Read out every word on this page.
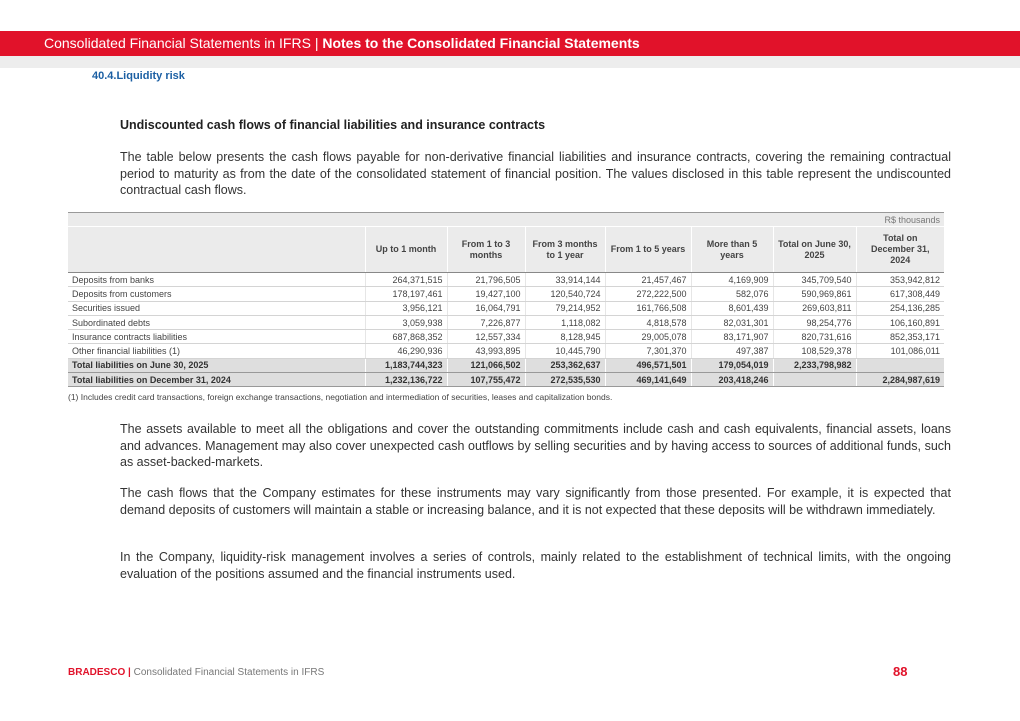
Consolidated Financial Statements in IFRS | Notes to the Consolidated Financial Statements
40.4.Liquidity risk
Undiscounted cash flows of financial liabilities and insurance contracts

The table below presents the cash flows payable for non-derivative financial liabilities and insurance contracts, covering the remaining contractual period to maturity as from the date of the consolidated statement of financial position. The values disclosed in this table represent the undiscounted contractual cash flows.

R$ thousands							
	Up to 1 month	From 1 to 3 months	From 3 months to 1 year	From 1 to 5 years	More than 5 years	Total on June 30, 2025	Total on December 31, 2024
Deposits from banks	264,371,515	21,796,505	33,914,144	21,457,467	4,169,909	345,709,540	353,942,812
Deposits from customers	178,197,461	19,427,100	120,540,724	272,222,500	582,076	590,969,861	617,308,449
Securities issued	3,956,121	16,064,791	79,214,952	161,766,508	8,601,439	269,603,811	254,136,285
Subordinated debts	3,059,938	7,226,877	1,118,082	4,818,578	82,031,301	98,254,776	106,160,891
Insurance contracts liabilities	687,868,352	12,557,334	8,128,945	29,005,078	83,171,907	820,731,616	852,353,171
Other financial liabilities (1)	46,290,936	43,993,895	10,445,790	7,301,370	497,387	108,529,378	101,086,011
Total liabilities on June 30, 2025	1,183,744,323	121,066,502	253,362,637	496,571,501	179,054,019	2,233,798,982	
Total liabilities on December 31, 2024	1,232,136,722	107,755,472	272,535,530	469,141,649	203,418,246		2,284,987,619
(1) Includes credit card transactions, foreign exchange transactions, negotiation and intermediation of securities, leases and capitalization bonds.

The assets available to meet all the obligations and cover the outstanding commitments include cash and cash equivalents, financial assets, loans and advances. Management may also cover unexpected cash outflows by selling securities and by having access to sources of additional funds, such as asset-backed-markets.

The cash flows that the Company estimates for these instruments may vary significantly from those presented. For example, it is expected that demand deposits of customers will maintain a stable or increasing balance, and it is not expected that these deposits will be withdrawn immediately.

In the Company, liquidity-risk management involves a series of controls, mainly related to the establishment of technical limits, with the ongoing evaluation of the positions assumed and the financial instruments used.

BRADESCO | Consolidated Financial Statements in IFRS	88
